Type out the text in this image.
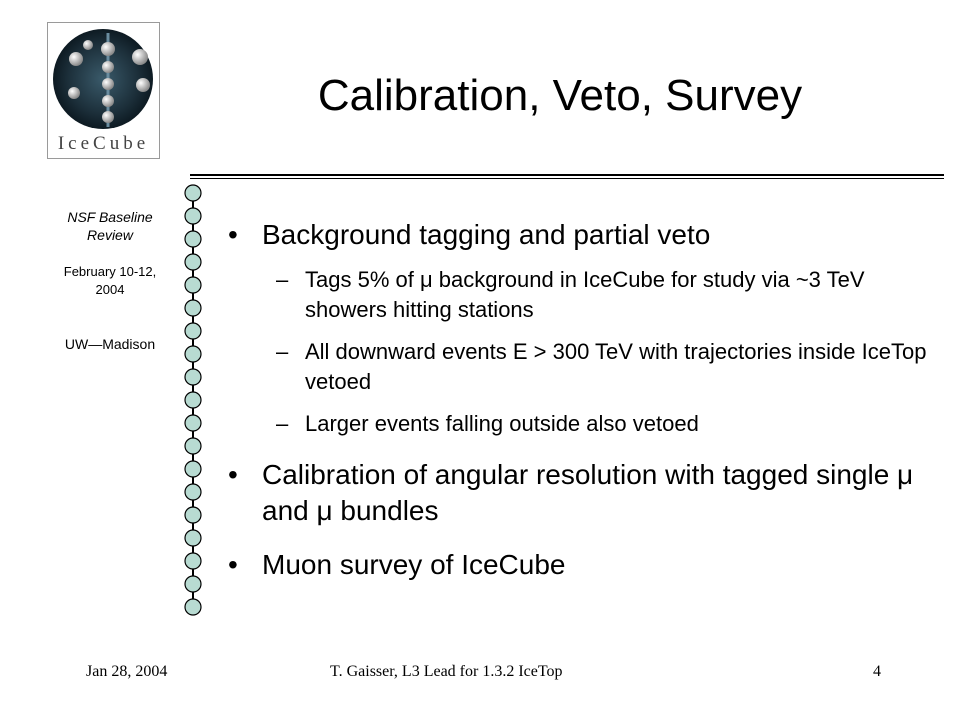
IceCube
Calibration, Veto, Survey
NSF Baseline
Review
February 10-12,
2004
UW—Madison
• Background tagging and partial veto
– Tags 5% of μ background in IceCube for study via ~3 TeV showers hitting stations
– All downward events E > 300 TeV with trajectories inside IceTop vetoed
– Larger events falling outside also vetoed
• Calibration of angular resolution with tagged single μ and μ bundles
• Muon survey of IceCube
Jan 28, 2004	T. Gaisser, L3 Lead for 1.3.2 IceTop	4
